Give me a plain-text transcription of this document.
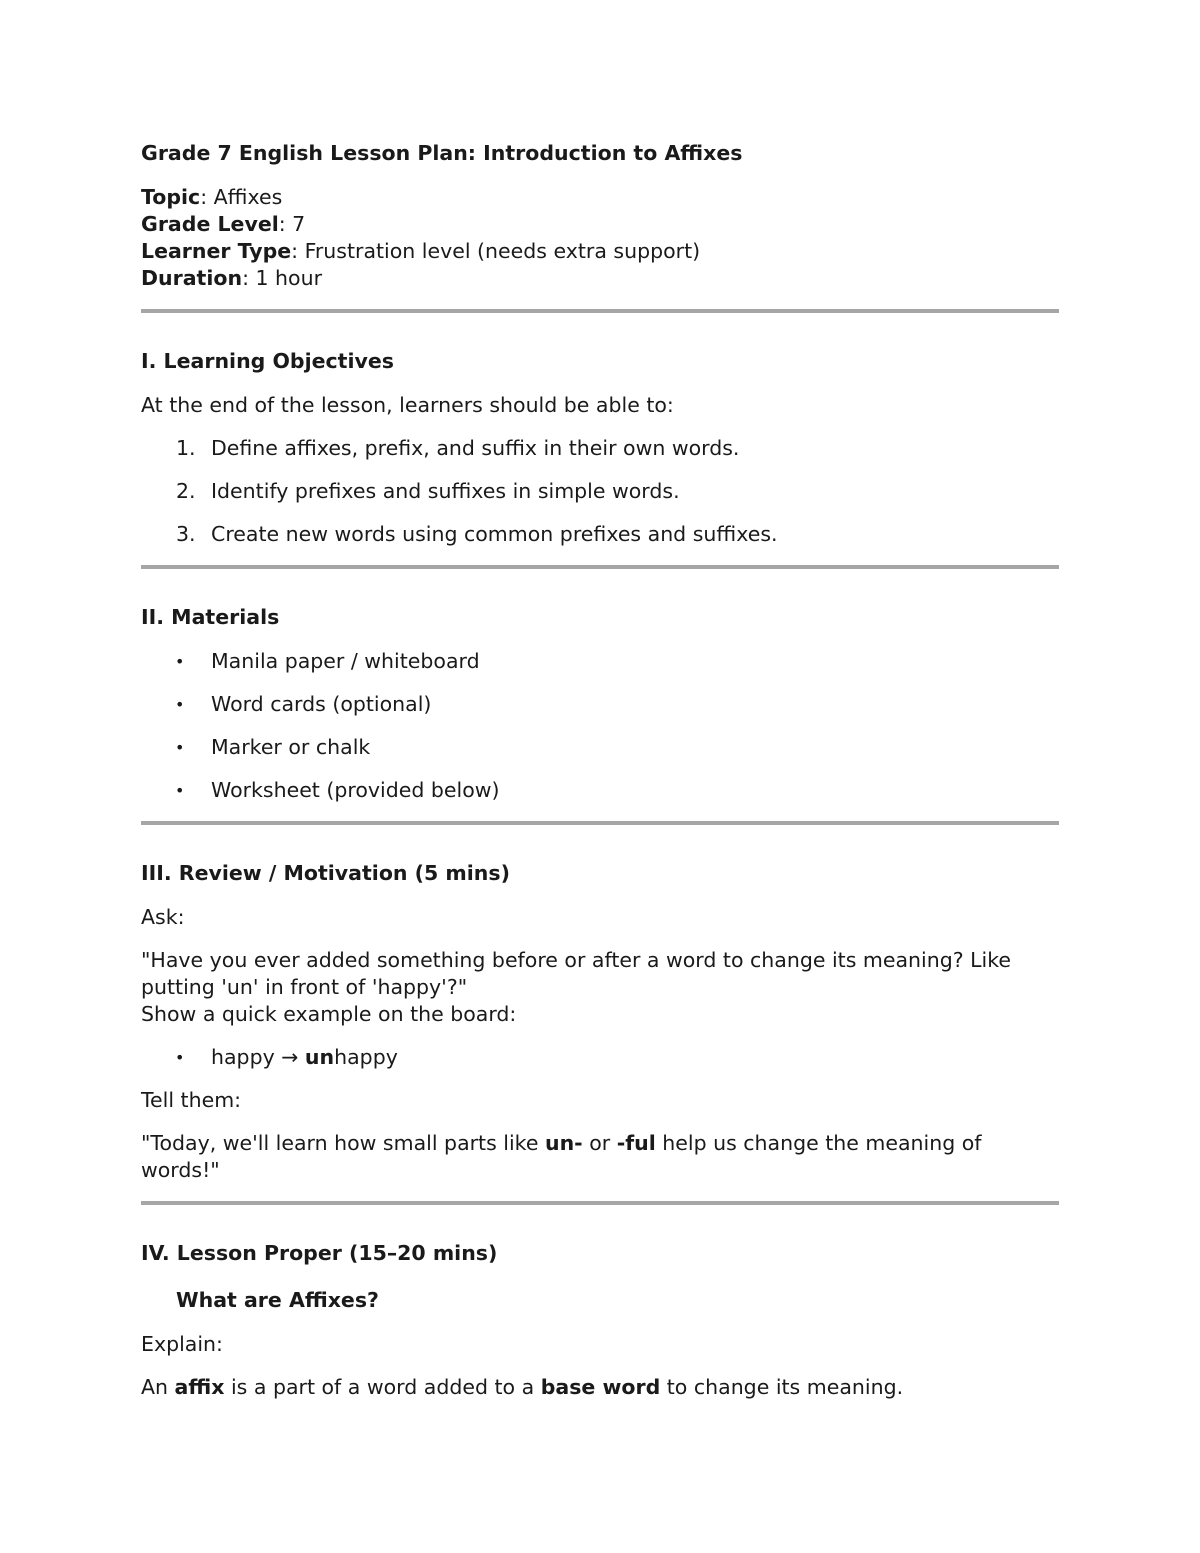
Grade 7 English Lesson Plan: Introduction to Affixes
Topic: Affixes
Grade Level: 7
Learner Type: Frustration level (needs extra support)
Duration: 1 hour
I. Learning Objectives

At the end of the lesson, learners should be able to:

1. Define affixes, prefix, and suffix in their own words.
2. Identify prefixes and suffixes in simple words.
3. Create new words using common prefixes and suffixes.
II. Materials
• Manila paper / whiteboard
• Word cards (optional)
• Marker or chalk
• Worksheet (provided below)
III. Review / Motivation (5 mins)

Ask:

"Have you ever added something before or after a word to change its meaning? Like putting 'un' in front of 'happy'?"

Show a quick example on the board:

• happy → unhappy

Tell them:

"Today, we'll learn how small parts like un- or -ful help us change the meaning of words!"

IV. Lesson Proper (15–20 mins)
What are Affixes?

Explain:

An affix is a part of a word added to a base word to change its meaning.
